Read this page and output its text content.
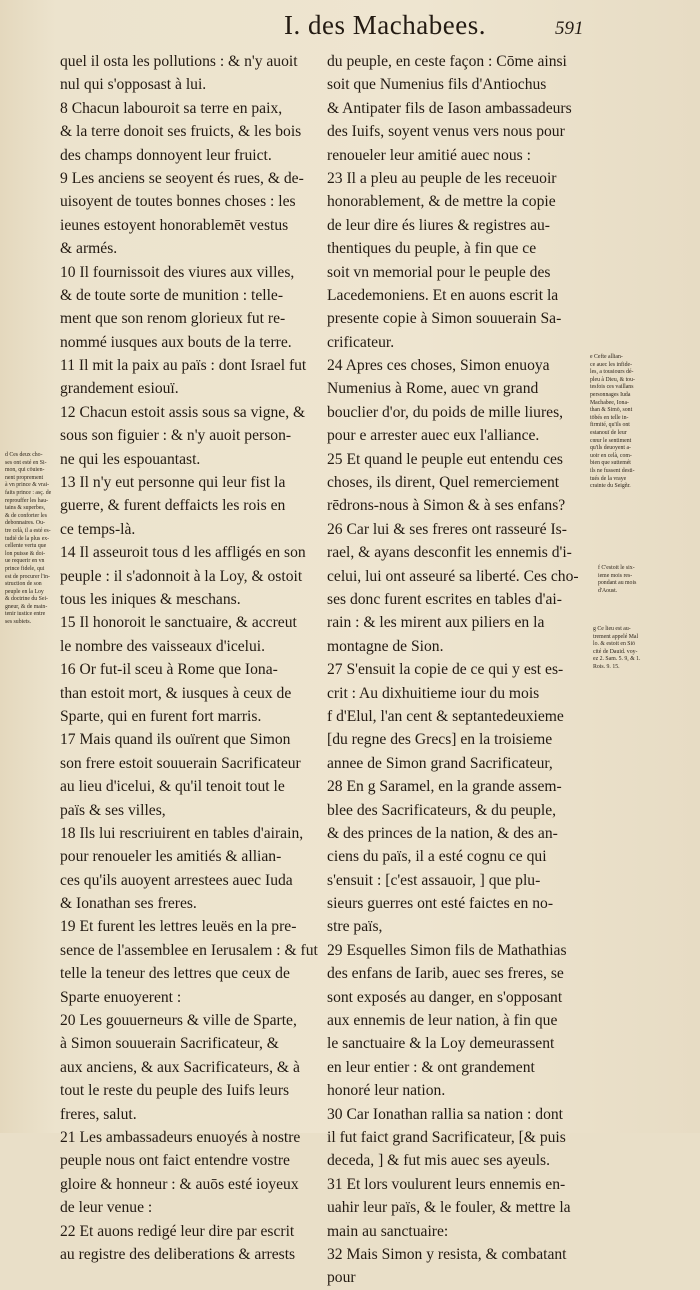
I. des Machabees.	591
quel il osta les pollutions : & n'y auoit
nul qui s'opposast à lui.
8 Chacun labouroit sa terre en paix,
& la terre donoit ses fruicts, & les bois
des champs donnoyent leur fruict.
9 Les anciens se seoyent és rues, & de-
uisoyent de toutes bonnes choses : les
ieunes estoyent honorablemēt vestus
& armés.
10 Il fournissoit des viures aux villes,
& de toute sorte de munition : telle-
ment que son renom glorieux fut re-
nommé iusques aux bouts de la terre.
11 Il mit la paix au païs : dont Israel fut
grandement esiouï.
12 Chacun estoit assis sous sa vigne, &
sous son figuier : & n'y auoit person-
ne qui les espouantast.
13 Il n'y eut personne qui leur fist la
guerre, & furent deffaicts les rois en
ce temps-là.
14 Il asseuroit tous d les affligés en son
peuple : il s'adonnoit à la Loy, & ostoit
tous les iniques & meschans.
15 Il honoroit le sanctuaire, & accreut
le nombre des vaisseaux d'icelui.
16 Or fut-il sceu à Rome que Iona-
than estoit mort, & iusques à ceux de
Sparte, qui en furent fort marris.
17 Mais quand ils ouïrent que Simon
son frere estoit souuerain Sacrificateur
au lieu d'icelui, & qu'il tenoit tout le
païs & ses villes,
18 Ils lui rescriuirent en tables d'airain,
pour renoueler les amitiés & allian-
ces qu'ils auoyent arrestees auec Iuda
& Ionathan ses freres.
19 Et furent les lettres leuës en la pre-
sence de l'assemblee en Ierusalem : & fut
telle la teneur des lettres que ceux de
Sparte enuoyerent :
20 Les gouuerneurs & ville de Sparte,
à Simon souuerain Sacrificateur, &
aux anciens, & aux Sacrificateurs, & à
tout le reste du peuple des Iuifs leurs
freres, salut.
21 Les ambassadeurs enuoyés à nostre
peuple nous ont faict entendre vostre
gloire & honneur : & auōs esté ioyeux
de leur venue :
22 Et auons redigé leur dire par escrit
au registre des deliberations & arrests
du peuple, en ceste façon : Cōme ainsi
soit que Numenius fils d'Antiochus
& Antipater fils de Iason ambassadeurs
des Iuifs, soyent venus vers nous pour
renoueler leur amitié auec nous :
23 Il a pleu au peuple de les receuoir
honorablement, & de mettre la copie
de leur dire és liures & registres au-
thentiques du peuple, à fin que ce
soit vn memorial pour le peuple des
Lacedemoniens. Et en auons escrit la
presente copie à Simon souuerain Sa-
crificateur.
24 Apres ces choses, Simon enuoya
Numenius à Rome, auec vn grand
bouclier d'or, du poids de mille liures,
pour e arrester auec eux l'alliance.
25 Et quand le peuple eut entendu ces
choses, ils dirent, Quel remerciement
rēdrons-nous à Simon & à ses enfans?
26 Car lui & ses freres ont rasseuré Is-
rael, & ayans desconfit les ennemis d'i-
celui, lui ont asseuré sa liberté. Ces cho-
ses donc furent escrites en tables d'ai-
rain : & les mirent aux piliers en la
montagne de Sion.
27 S'ensuit la copie de ce qui y est es-
crit : Au dixhuitieme iour du mois
f d'Elul, l'an cent & septantedeuxieme
[du regne des Grecs] en la troisieme
annee de Simon grand Sacrificateur,
28 En g Saramel, en la grande assem-
blee des Sacrificateurs, & du peuple,
& des princes de la nation, & des an-
ciens du païs, il a esté cognu ce qui
s'ensuit : [c'est assauoir, ] que plu-
sieurs guerres ont esté faictes en no-
stre païs,
29 Esquelles Simon fils de Mathathias
des enfans de Iarib, auec ses freres, se
sont exposés au danger, en s'opposant
aux ennemis de leur nation, à fin que
le sanctuaire & la Loy demeurassent
en leur entier : & ont grandement
honoré leur nation.
30 Car Ionathan rallia sa nation : dont
il fut faict grand Sacrificateur, [& puis
deceda, ] & fut mis auec ses ayeuls.
31 Et lors voulurent leurs ennemis en-
uahir leur païs, & le fouler, & mettre la
main au sanctuaire:
32 Mais Simon y resista, & combatant
pour
d Ces deux cho-
ses ont esté en Si-
mon, qui cōuien-
nent proprement
à vn prince & vrai-
faits prince : asç. de
reprouffer les hau-
tains & superbes,
& de conforter les
debonnaires. Ou-
tre celà, il a esté es-
tudié de la plus ex-
cellente vertu que
lon puisse & doi-
ue requerir en vn
prince fidele, qui
est de procurer l'in-
struction de son
peuple en la Loy
& doctrine du Sei-
gneur, & de main-
tenir iustice entre
ses subiets.
e Cefte allian-
ce auec les infide-
les, a tousiours dé-
pleu à Dieu, & tou-
tesfois ces vaillans
personnages Iuda
Machabee, Iona-
than & Simō, sont
tōbés en telle in-
firmité, qu'ils ont
estanouï de leur
cœur le sentiment
qu'ils deuoyent a-
uoir en celà, com-
bien que suttemét
ils ne fussent desti-
tués de la vraye
crainte du Seigñr.
f C'estoit le six-
ieme mois res-
pondant au mois
d'Aoust.
g Ce lieu est au-
trement appelé Mal
lo. & estoit en Siō
cité de Dauid. voy-
ez 2. Sam. 5. 9, & 1.
Rois. 9. 15.
